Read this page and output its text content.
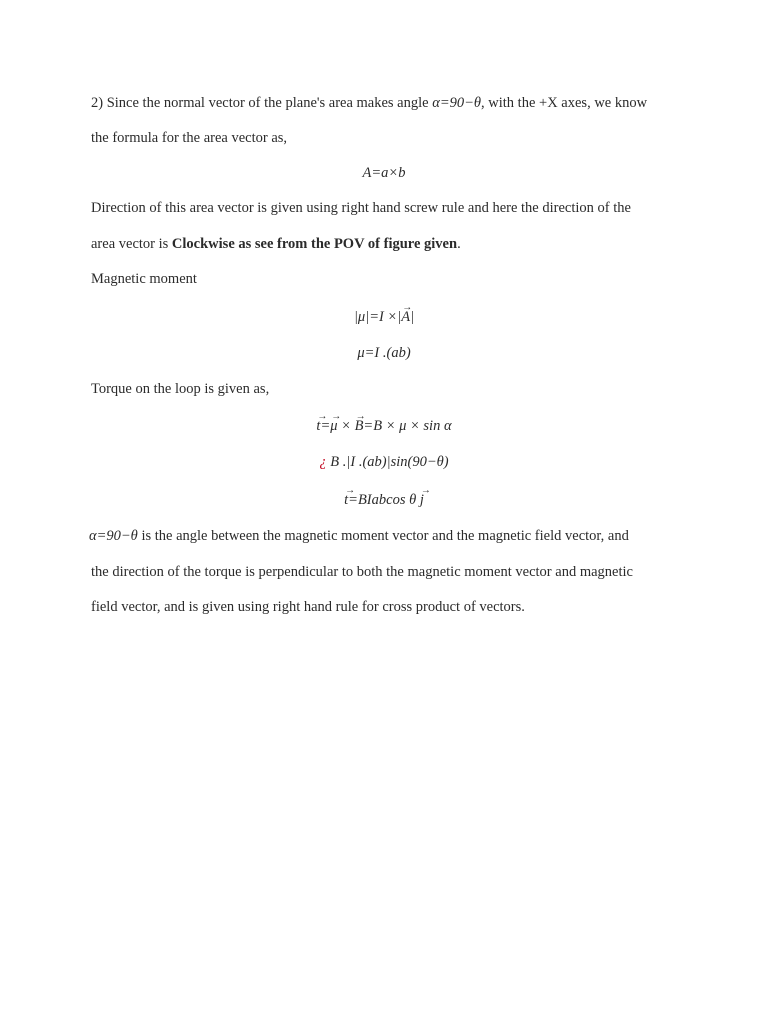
2) Since the normal vector of the plane's area makes angle α=90−θ, with the +X axes, we know
the formula for the area vector as,
A=a×b
Direction of this area vector is given using right hand screw rule and here the direction of the
area vector is Clockwise as see from the POV of figure given.
Magnetic moment
|μ|=I ×|
→
A|
μ=I .(ab)
Torque on the loop is given as,
→
t=
→
μ ×
→
B=B × μ × sin α
¿ B .|I .(ab)|sin(90−θ)
→
t=BIabcos θ
→
j
α=90−θ is the angle between the magnetic moment vector and the magnetic field vector, and
the direction of the torque is perpendicular to both the magnetic moment vector and magnetic
field vector, and is given using right hand rule for cross product of vectors.
